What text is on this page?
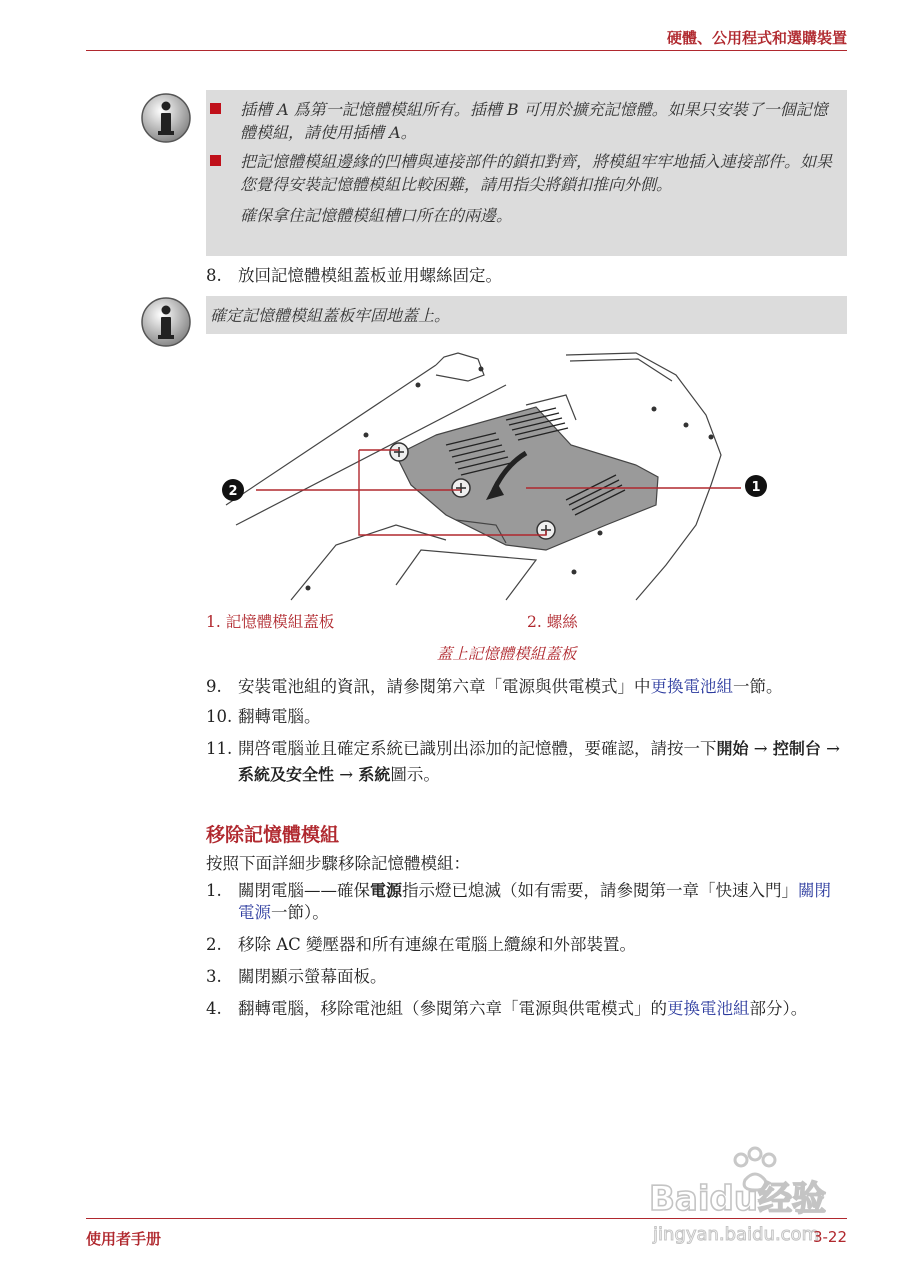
硬體、公用程式和選購裝置
插槽 A 爲第一記憶體模組所有。插槽 B 可用於擴充記憶體。如果只安裝了一個記憶體模組，請使用插槽 A。
把記憶體模組邊緣的凹槽與連接部件的鎖扣對齊，將模組牢牢地插入連接部件。如果您覺得安裝記憶體模組比較困難，請用指尖將鎖扣推向外側。
確保拿住記憶體模組槽口所在的兩邊。
8. 放回記憶體模組蓋板並用螺絲固定。
確定記憶體模組蓋板牢固地蓋上。
2	1
1. 記憶體模組蓋板	2. 螺絲
蓋上記憶體模組蓋板
9. 安裝電池組的資訊，請參閱第六章「電源與供電模式」中更換電池組一節。
10. 翻轉電腦。
11. 開啓電腦並且確定系統已識別出添加的記憶體，要確認，請按一下開始 → 控制台 → 系統及安全性 → 系統圖示。
移除記憶體模組
按照下面詳細步驟移除記憶體模組：
1. 關閉電腦——確保電源指示燈已熄滅（如有需要，請參閱第一章「快速入門」關閉電源一節）。
2. 移除 AC 變壓器和所有連線在電腦上纜線和外部裝置。
3. 關閉顯示螢幕面板。
4. 翻轉電腦，移除電池組（參閱第六章「電源與供電模式」的更換電池組部分）。
Baidu经验
jingyan.baidu.com
使用者手册	3-22
